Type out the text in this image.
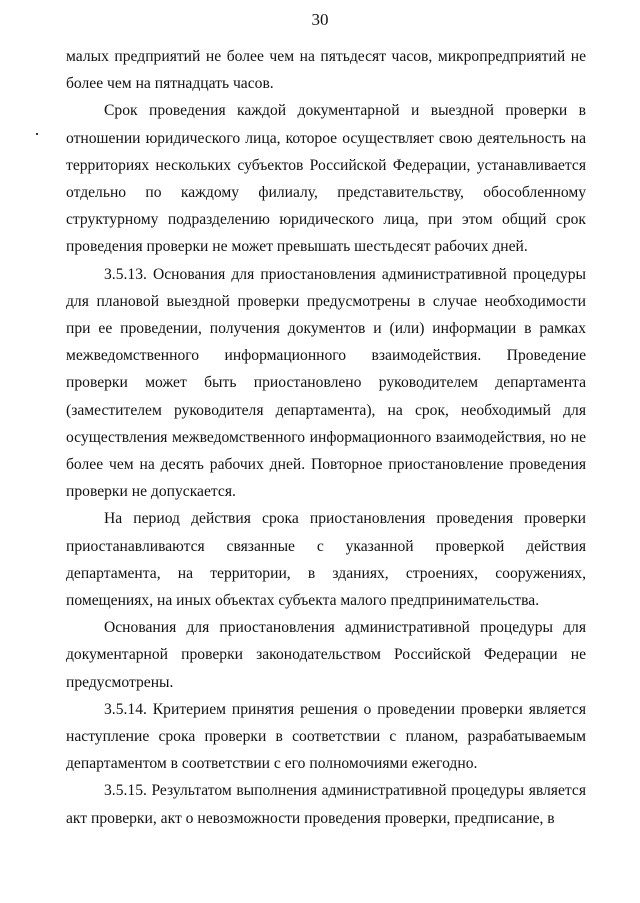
30

малых предприятий не более чем на пятьдесят часов, микропредприятий не более чем на пятнадцать часов.

Срок проведения каждой документарной и выездной проверки в отношении юридического лица, которое осуществляет свою деятельность на территориях нескольких субъектов Российской Федерации, устанавливается отдельно по каждому филиалу, представительству, обособленному структурному подразделению юридического лица, при этом общий срок проведения проверки не может превышать шестьдесят рабочих дней.

3.5.13. Основания для приостановления административной процедуры для плановой выездной проверки предусмотрены в случае необходимости при ее проведении, получения документов и (или) информации в рамках межведомственного информационного взаимодействия. Проведение проверки может быть приостановлено руководителем департамента (заместителем руководителя департамента), на срок, необходимый для осуществления межведомственного информационного взаимодействия, но не более чем на десять рабочих дней. Повторное приостановление проведения проверки не допускается.

На период действия срока приостановления проведения проверки приостанавливаются связанные с указанной проверкой действия департамента, на территории, в зданиях, строениях, сооружениях, помещениях, на иных объектах субъекта малого предпринимательства.

Основания для приостановления административной процедуры для документарной проверки законодательством Российской Федерации не предусмотрены.

3.5.14. Критерием принятия решения о проведении проверки является наступление срока проверки в соответствии с планом, разрабатываемым департаментом в соответствии с его полномочиями ежегодно.

3.5.15. Результатом выполнения административной процедуры является акт проверки, акт о невозможности проведения проверки, предписание, в
